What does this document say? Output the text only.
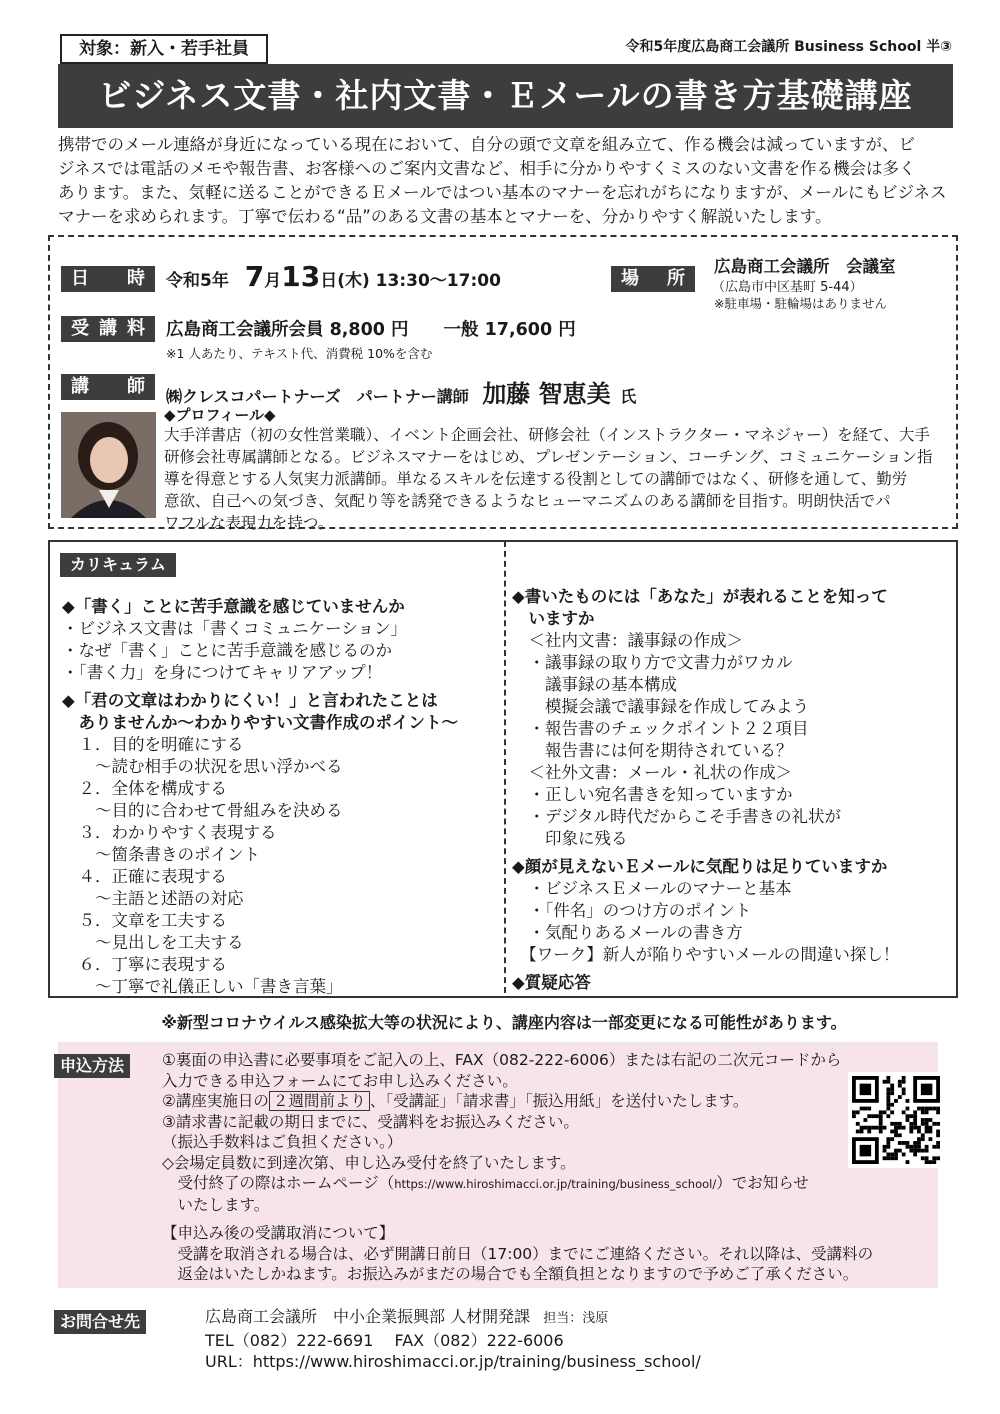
対象：新入・若手社員	令和5年度広島商工会議所 Business School 半③
ビジネス文書・社内文書・Ｅメールの書き方基礎講座
携帯でのメール連絡が身近になっている現在において、自分の頭で文章を組み立て、作る機会は減っていますが、ビ
ジネスでは電話のメモや報告書、お客様へのご案内文書など、相手に分かりやすくミスのない文書を作る機会は多く
あります。また、気軽に送ることができるＥメールではつい基本のマナーを忘れがちになりますが、メールにもビジネス
マナーを求められます。丁寧で伝わる“品”のある文書の基本とマナーを、分かりやすく解説いたします。
日 時 令和5年 7月13日(木) 13:30～17:00	場 所
広島商工会議所　会議室
（広島市中区基町 5-44）
※駐車場・駐輪場はありません
受 講 料 広島商工会議所会員 8,800 円　　一般 17,600 円
※1 人あたり、テキスト代、消費税 10%を含む
講 師 ㈱クレスコパートナーズ　パートナー講師 加藤 智恵美 氏
◆プロフィール◆
大手洋書店（初の女性営業職）、イベント企画会社、研修会社（インストラクター・マネジャー）を経て、大手
研修会社専属講師となる。ビジネスマナーをはじめ、プレゼンテーション、コーチング、コミュニケーション指
導を得意とする人気実力派講師。単なるスキルを伝達する役割としての講師ではなく、研修を通して、勤労
意欲、自己への気づき、気配り等を誘発できるようなヒューマニズムのある講師を目指す。明朗快活でパ
ワフルな表現力を持つ。
カリキュラム
◆「書く」ことに苦手意識を感じていませんか
・ビジネス文書は「書くコミュニケーション」
・なぜ「書く」ことに苦手意識を感じるのか
・「書く力」を身につけてキャリアアップ！
◆「君の文章はわかりにくい！」と言われたことは
　ありませんか～わかりやすい文書作成のポイント～
　１．目的を明確にする
　　～読む相手の状況を思い浮かべる
　２．全体を構成する
　　～目的に合わせて骨組みを決める
　３．わかりやすく表現する
　　～箇条書きのポイント
　４．正確に表現する
　　～主語と述語の対応
　５．文章を工夫する
　　～見出しを工夫する
　６．丁寧に表現する
　　～丁寧で礼儀正しい「書き言葉」
◆書いたものには「あなた」が表れることを知って
　いますか
　＜社内文書：議事録の作成＞
　・議事録の取り方で文書力がワカル
　　議事録の基本構成
　　模擬会議で議事録を作成してみよう
　・報告書のチェックポイント２２項目
　　報告書には何を期待されている？
　＜社外文書：メール・礼状の作成＞
　・正しい宛名書きを知っていますか
　・デジタル時代だからこそ手書きの礼状が
　　印象に残る
◆顔が見えないＥメールに気配りは足りていますか
　・ビジネスＥメールのマナーと基本
　・「件名」のつけ方のポイント
　・気配りあるメールの書き方
　【ワーク】新人が陥りやすいメールの間違い探し！
◆質疑応答
※新型コロナウイルス感染拡大等の状況により、講座内容は一部変更になる可能性があります。
申込方法	①裏面の申込書に必要事項をご記入の上、FAX（082-222-6006）または右記の二次元コードから
入力できる申込フォームにてお申し込みください。
②講座実施日の ２週間前より 、「受講証」「請求書」「振込用紙」を送付いたします。
③請求書に記載の期日までに、受講料をお振込みください。
（振込手数料はご負担ください。）
◇会場定員数に到達次第、申し込み受付を終了いたします。
　受付終了の際はホームページ（https://www.hiroshimacci.or.jp/training/business_school/）でお知らせ
　いたします。
【申込み後の受講取消について】
　受講を取消される場合は、必ず開講日前日（17:00）までにご連絡ください。それ以降は、受講料の
　返金はいたしかねます。お振込みがまだの場合でも全額負担となりますので予めご了承ください。
お問合せ先	広島商工会議所　中小企業振興部 人材開発課 担当：浅原
TEL（082）222-6691　 FAX（082）222-6006
URL：https://www.hiroshimacci.or.jp/training/business_school/
